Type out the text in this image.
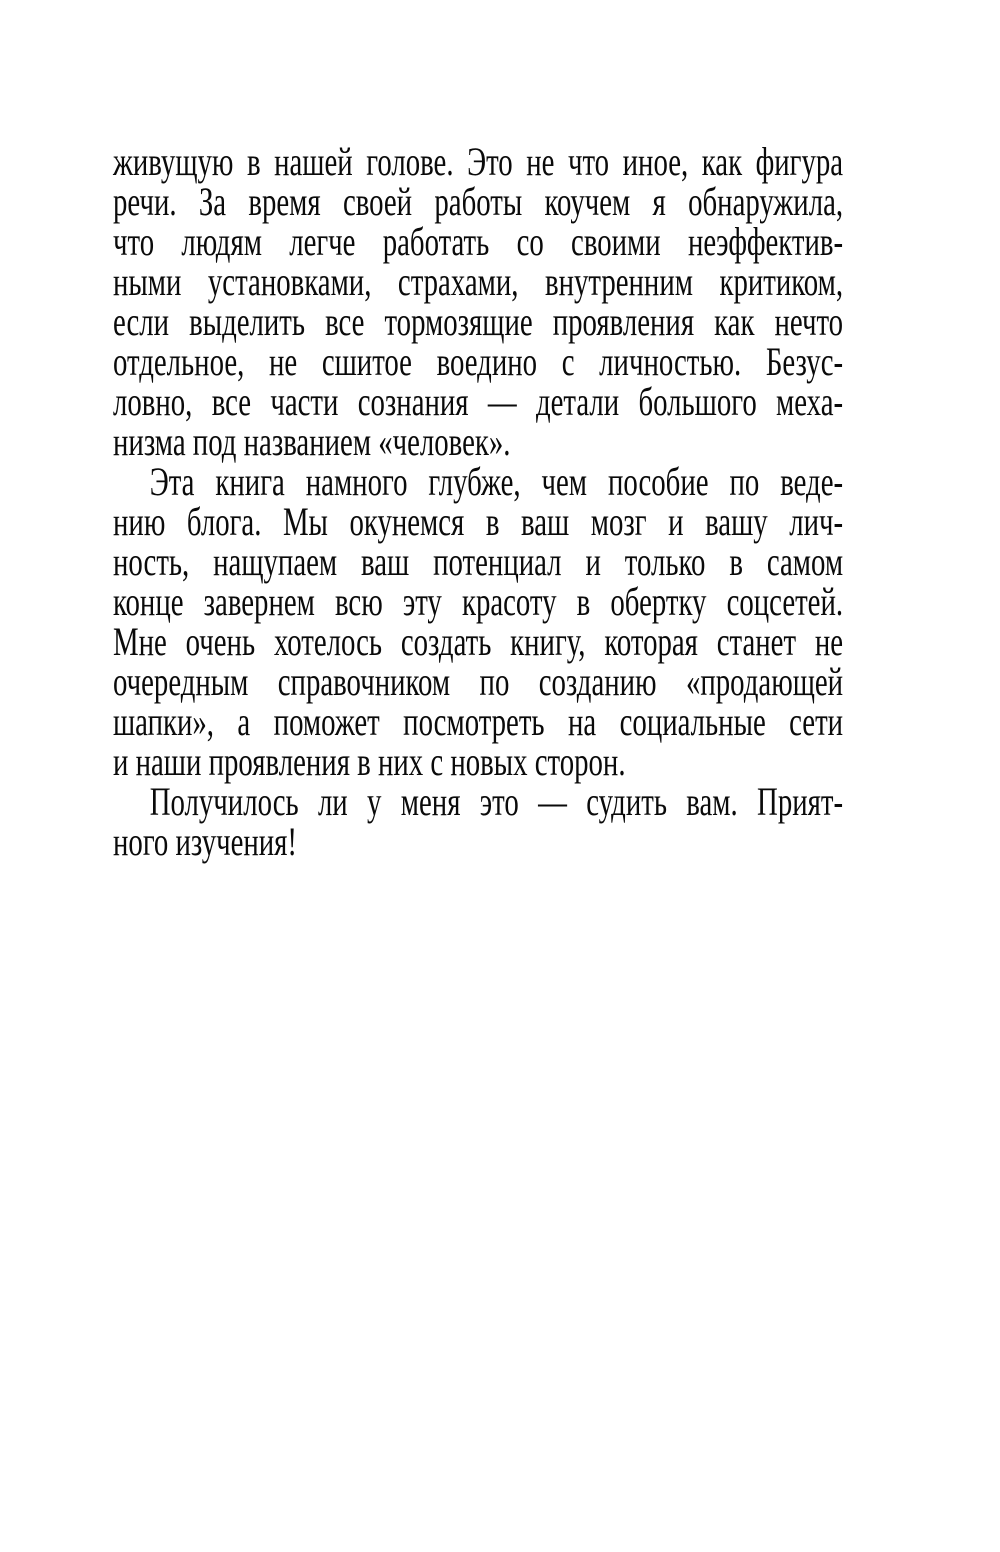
живущую в нашей голове. Это не что иное, как фигура
речи. За время своей работы коучем я обнаружила,
что людям легче работать со своими неэффектив-
ными установками, страхами, внутренним критиком,
если выделить все тормозящие проявления как нечто
отдельное, не сшитое воедино с личностью. Безус-
ловно, все части сознания — детали большого меха-
низма под названием «человек».
Эта книга намного глубже, чем пособие по веде-
нию блога. Мы окунемся в ваш мозг и вашу лич-
ность, нащупаем ваш потенциал и только в самом
конце завернем всю эту красоту в обертку соцсетей.
Мне очень хотелось создать книгу, которая станет не
очередным справочником по созданию «продающей
шапки», а поможет посмотреть на социальные сети
и наши проявления в них с новых сторон.
Получилось ли у меня это — судить вам. Прият-
ного изучения!
